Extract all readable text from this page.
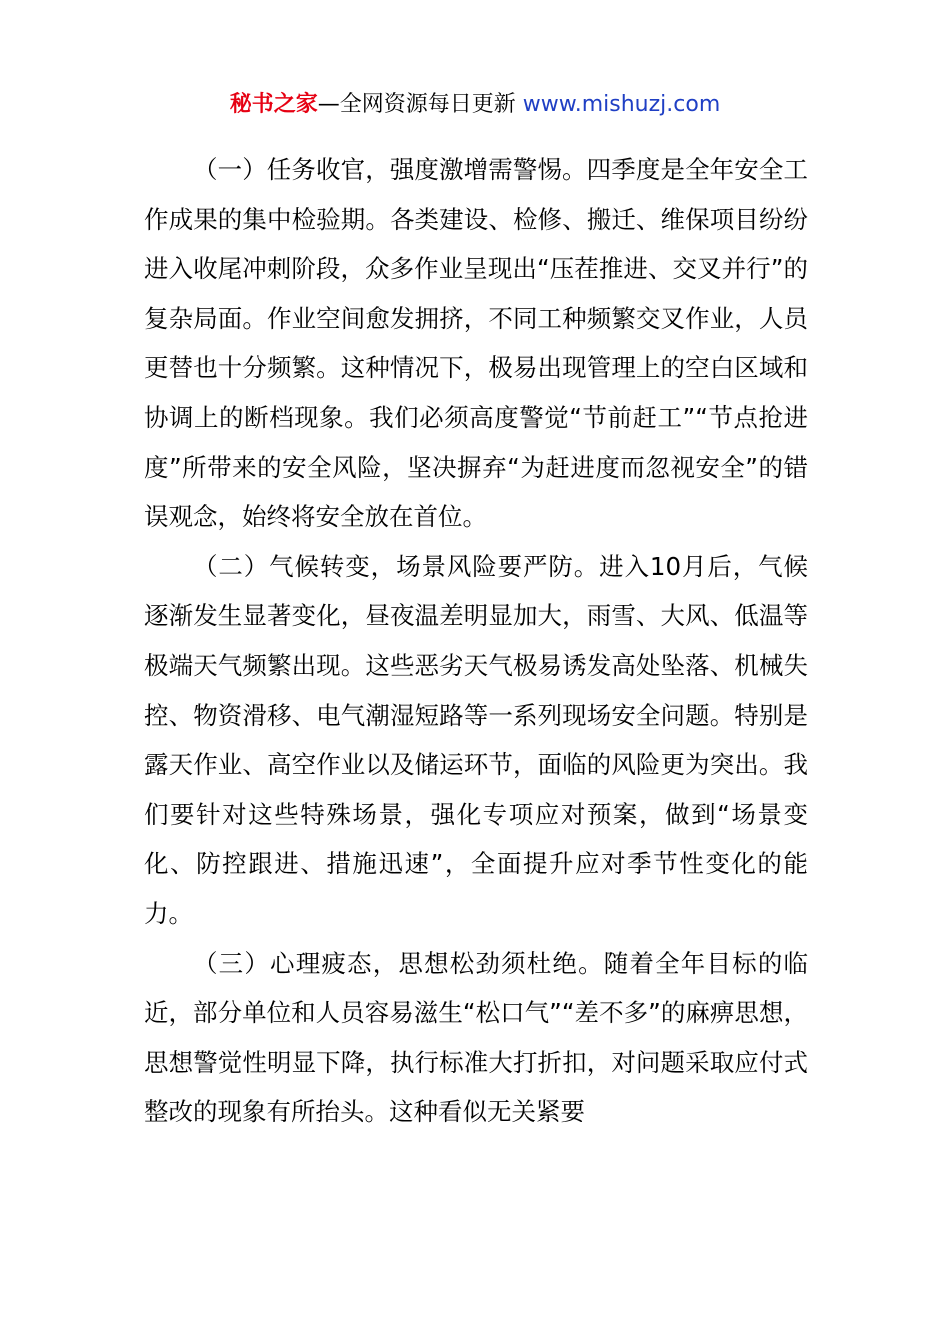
秘书之家—全网资源每日更新 www.mishuzj.com

（一）任务收官，强度激增需警惕。四季度是全年安全工作成果的集中检验期。各类建设、检修、搬迁、维保项目纷纷进入收尾冲刺阶段，众多作业呈现出“压茬推进、交叉并行”的复杂局面。作业空间愈发拥挤，不同工种频繁交叉作业，人员更替也十分频繁。这种情况下，极易出现管理上的空白区域和协调上的断档现象。我们必须高度警觉“节前赶工”“节点抢进度”所带来的安全风险，坚决摒弃“为赶进度而忽视安全”的错误观念，始终将安全放在首位。

（二）气候转变，场景风险要严防。进入10月后，气候逐渐发生显著变化，昼夜温差明显加大，雨雪、大风、低温等极端天气频繁出现。这些恶劣天气极易诱发高处坠落、机械失控、物资滑移、电气潮湿短路等一系列现场安全问题。特别是露天作业、高空作业以及储运环节，面临的风险更为突出。我们要针对这些特殊场景，强化专项应对预案，做到“场景变化、防控跟进、措施迅速”，全面提升应对季节性变化的能力。

（三）心理疲态，思想松劲须杜绝。随着全年目标的临近，部分单位和人员容易滋生“松口气”“差不多”的麻痹思想，思想警觉性明显下降，执行标准大打折扣，对问题采取应付式整改的现象有所抬头。这种看似无关紧要
